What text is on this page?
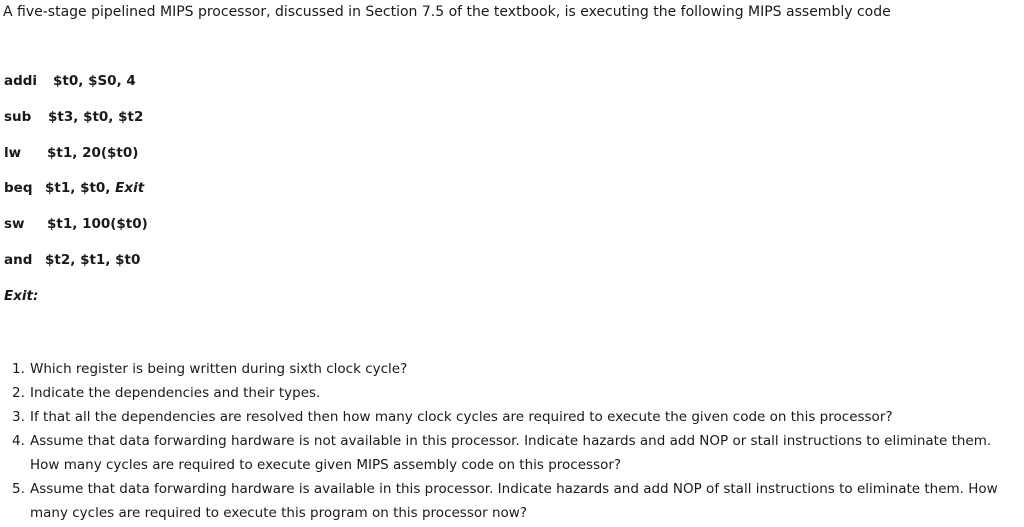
A five-stage pipelined MIPS processor, discussed in Section 7.5 of the textbook, is executing the following MIPS assembly code
addi $t0, $S0, 4
sub $t3, $t0, $t2
lw $t1, 20($t0)
beq $t1, $t0, Exit
sw $t1, 100($t0)
and $t2, $t1, $t0
Exit:
1. Which register is being written during sixth clock cycle?
2. Indicate the dependencies and their types.
3. If that all the dependencies are resolved then how many clock cycles are required to execute the given code on this processor?
4. Assume that data forwarding hardware is not available in this processor. Indicate hazards and add NOP or stall instructions to eliminate them. How many cycles are required to execute given MIPS assembly code on this processor?
5. Assume that data forwarding hardware is available in this processor. Indicate hazards and add NOP of stall instructions to eliminate them. How many cycles are required to execute this program on this processor now?
